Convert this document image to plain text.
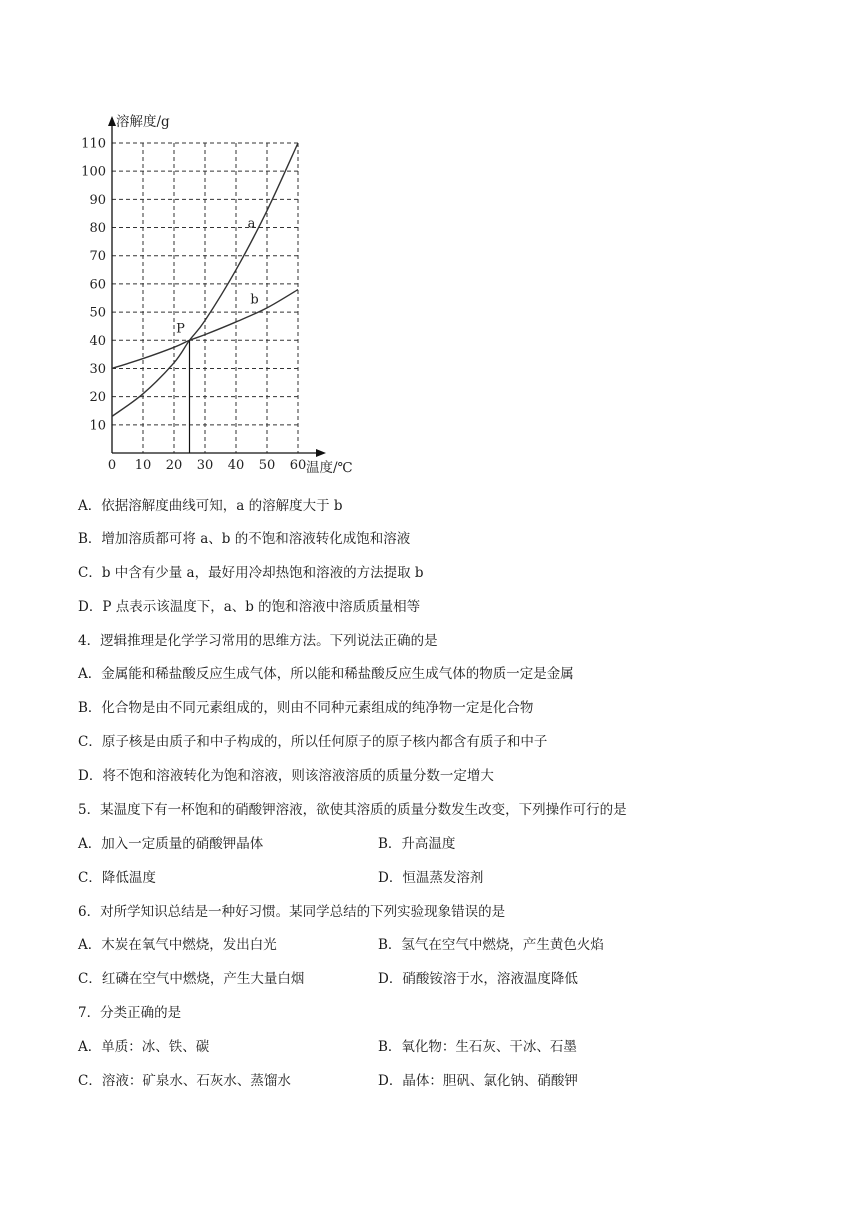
10
20
30
40
50
60
70
80
90
100
110
0 10 20 30 40 50 60
P
a
b
溶解度/g
温度/℃
A．依据溶解度曲线可知，a 的溶解度大于 b
B．增加溶质都可将 a、b 的不饱和溶液转化成饱和溶液
C．b 中含有少量 a，最好用冷却热饱和溶液的方法提取 b
D．P 点表示该温度下，a、b 的饱和溶液中溶质质量相等
4．逻辑推理是化学学习常用的思维方法。下列说法正确的是
A．金属能和稀盐酸反应生成气体，所以能和稀盐酸反应生成气体的物质一定是金属
B．化合物是由不同元素组成的，则由不同种元素组成的纯净物一定是化合物
C．原子核是由质子和中子构成的，所以任何原子的原子核内都含有质子和中子
D．将不饱和溶液转化为饱和溶液，则该溶液溶质的质量分数一定增大
5．某温度下有一杯饱和的硝酸钾溶液，欲使其溶质的质量分数发生改变，下列操作可行的是
A．加入一定质量的硝酸钾晶体	B．升高温度
C．降低温度	D．恒温蒸发溶剂
6．对所学知识总结是一种好习惯。某同学总结的下列实验现象错误的是
A．木炭在氧气中燃烧，发出白光	B．氢气在空气中燃烧，产生黄色火焰
C．红磷在空气中燃烧，产生大量白烟	D．硝酸铵溶于水，溶液温度降低
7．分类正确的是
A．单质：冰、铁、碳	B．氧化物：生石灰、干冰、石墨
C．溶液：矿泉水、石灰水、蒸馏水	D．晶体：胆矾、氯化钠、硝酸钾
